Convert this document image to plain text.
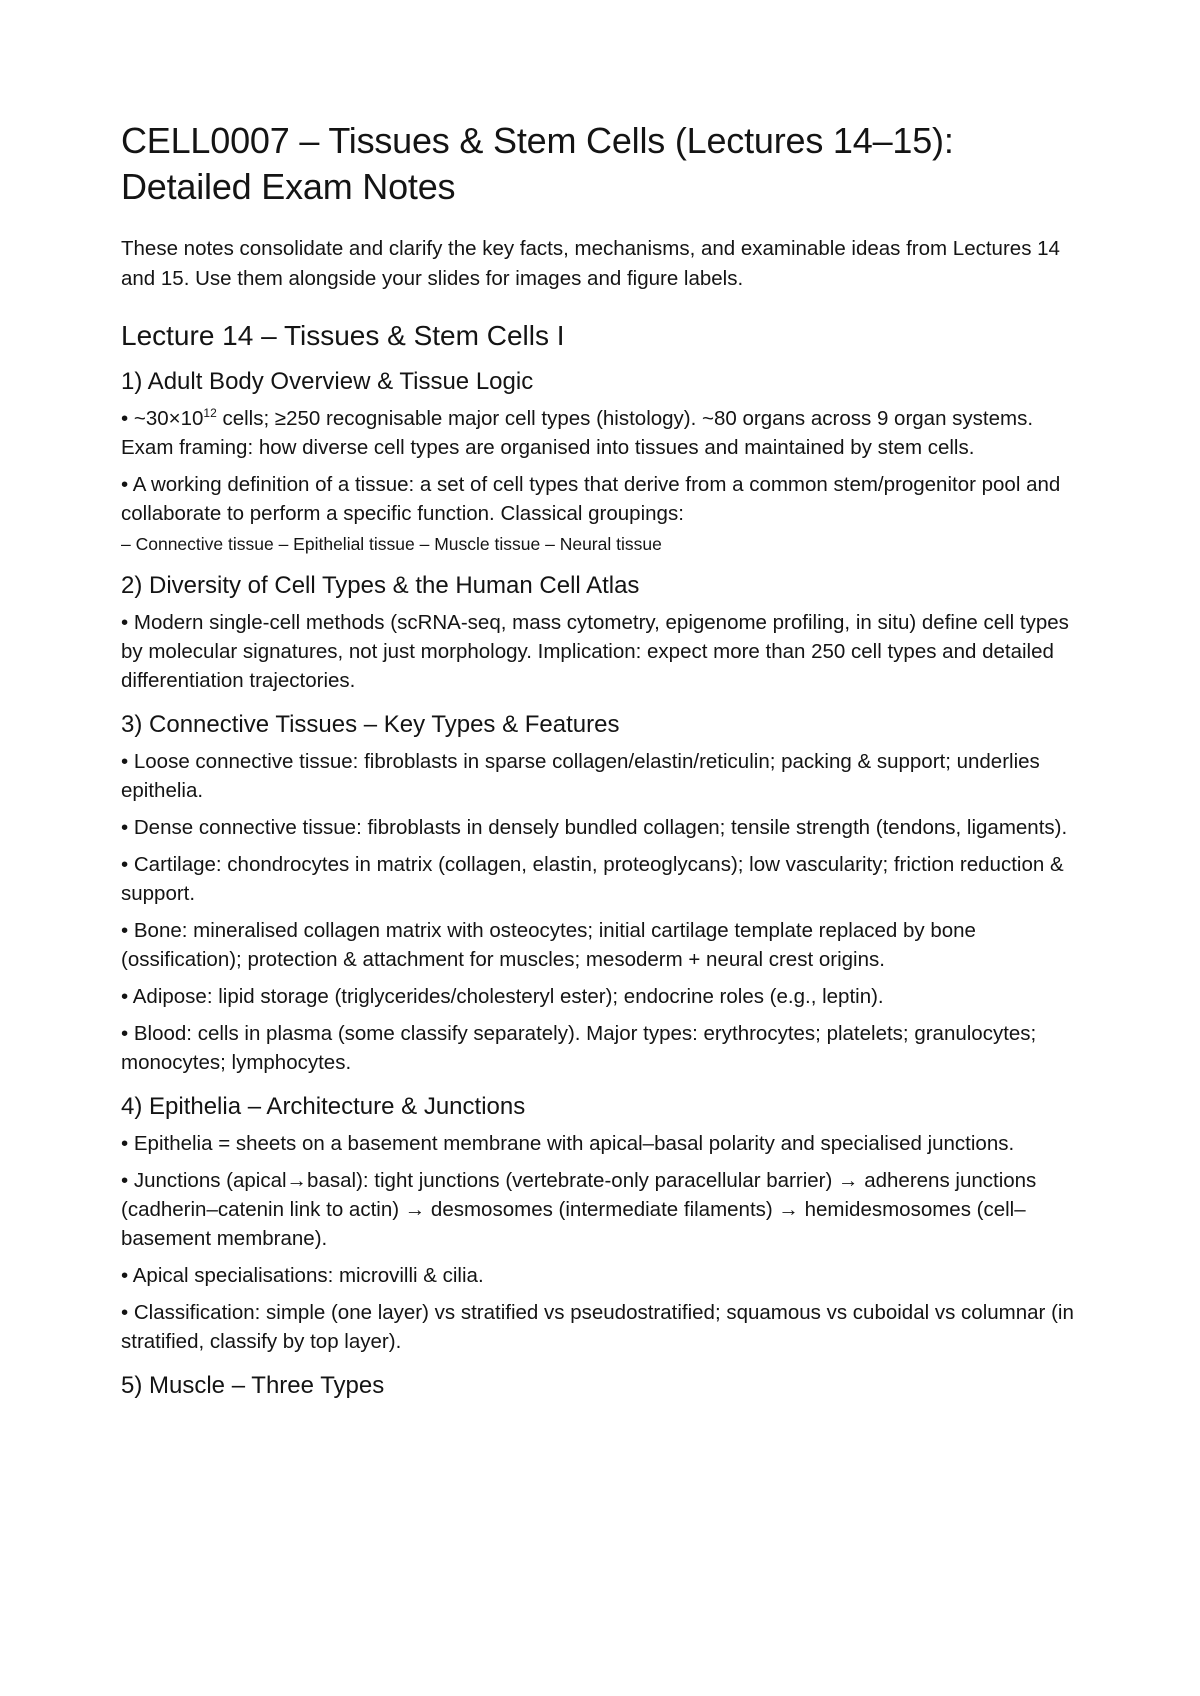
CELL0007 – Tissues & Stem Cells (Lectures 14–15): Detailed Exam Notes

These notes consolidate and clarify the key facts, mechanisms, and examinable ideas from Lectures 14 and 15. Use them alongside your slides for images and figure labels.

Lecture 14 – Tissues & Stem Cells I
1) Adult Body Overview & Tissue Logic

• $\sim 30\times 10^{12}$ cells; ≥250 recognisable major cell types (histology). ~80 organs across 9 organ systems. Exam framing: how diverse cell types are organised into tissues and maintained by stem cells.

• A working definition of a tissue: a set of cell types that derive from a common stem/progenitor pool and collaborate to perform a specific function. Classical groupings:

– Connective tissue – Epithelial tissue – Muscle tissue – Neural tissue

2) Diversity of Cell Types & the Human Cell Atlas

• Modern single-cell methods (scRNA-seq, mass cytometry, epigenome profiling, in situ) define cell types by molecular signatures, not just morphology. Implication: expect more than 250 cell types and detailed differentiation trajectories.

3) Connective Tissues – Key Types & Features

• Loose connective tissue: fibroblasts in sparse collagen/elastin/reticulin; packing & support; underlies epithelia.

• Dense connective tissue: fibroblasts in densely bundled collagen; tensile strength (tendons, ligaments).

• Cartilage: chondrocytes in matrix (collagen, elastin, proteoglycans); low vascularity; friction reduction & support.

• Bone: mineralised collagen matrix with osteocytes; initial cartilage template replaced by bone (ossification); protection & attachment for muscles; mesoderm + neural crest origins.

• Adipose: lipid storage (triglycerides/cholesteryl ester); endocrine roles (e.g., leptin).

• Blood: cells in plasma (some classify separately). Major types: erythrocytes; platelets; granulocytes; monocytes; lymphocytes.

4) Epithelia – Architecture & Junctions

• Epithelia = sheets on a basement membrane with apical–basal polarity and specialised junctions.

• Junctions (apical→basal): tight junctions (vertebrate-only paracellular barrier) → adherens junctions (cadherin–catenin link to actin) → desmosomes (intermediate filaments) → hemidesmosomes (cell–basement membrane).

• Apical specialisations: microvilli & cilia.

• Classification: simple (one layer) vs stratified vs pseudostratified; squamous vs cuboidal vs columnar (in stratified, classify by top layer).

5) Muscle – Three Types
